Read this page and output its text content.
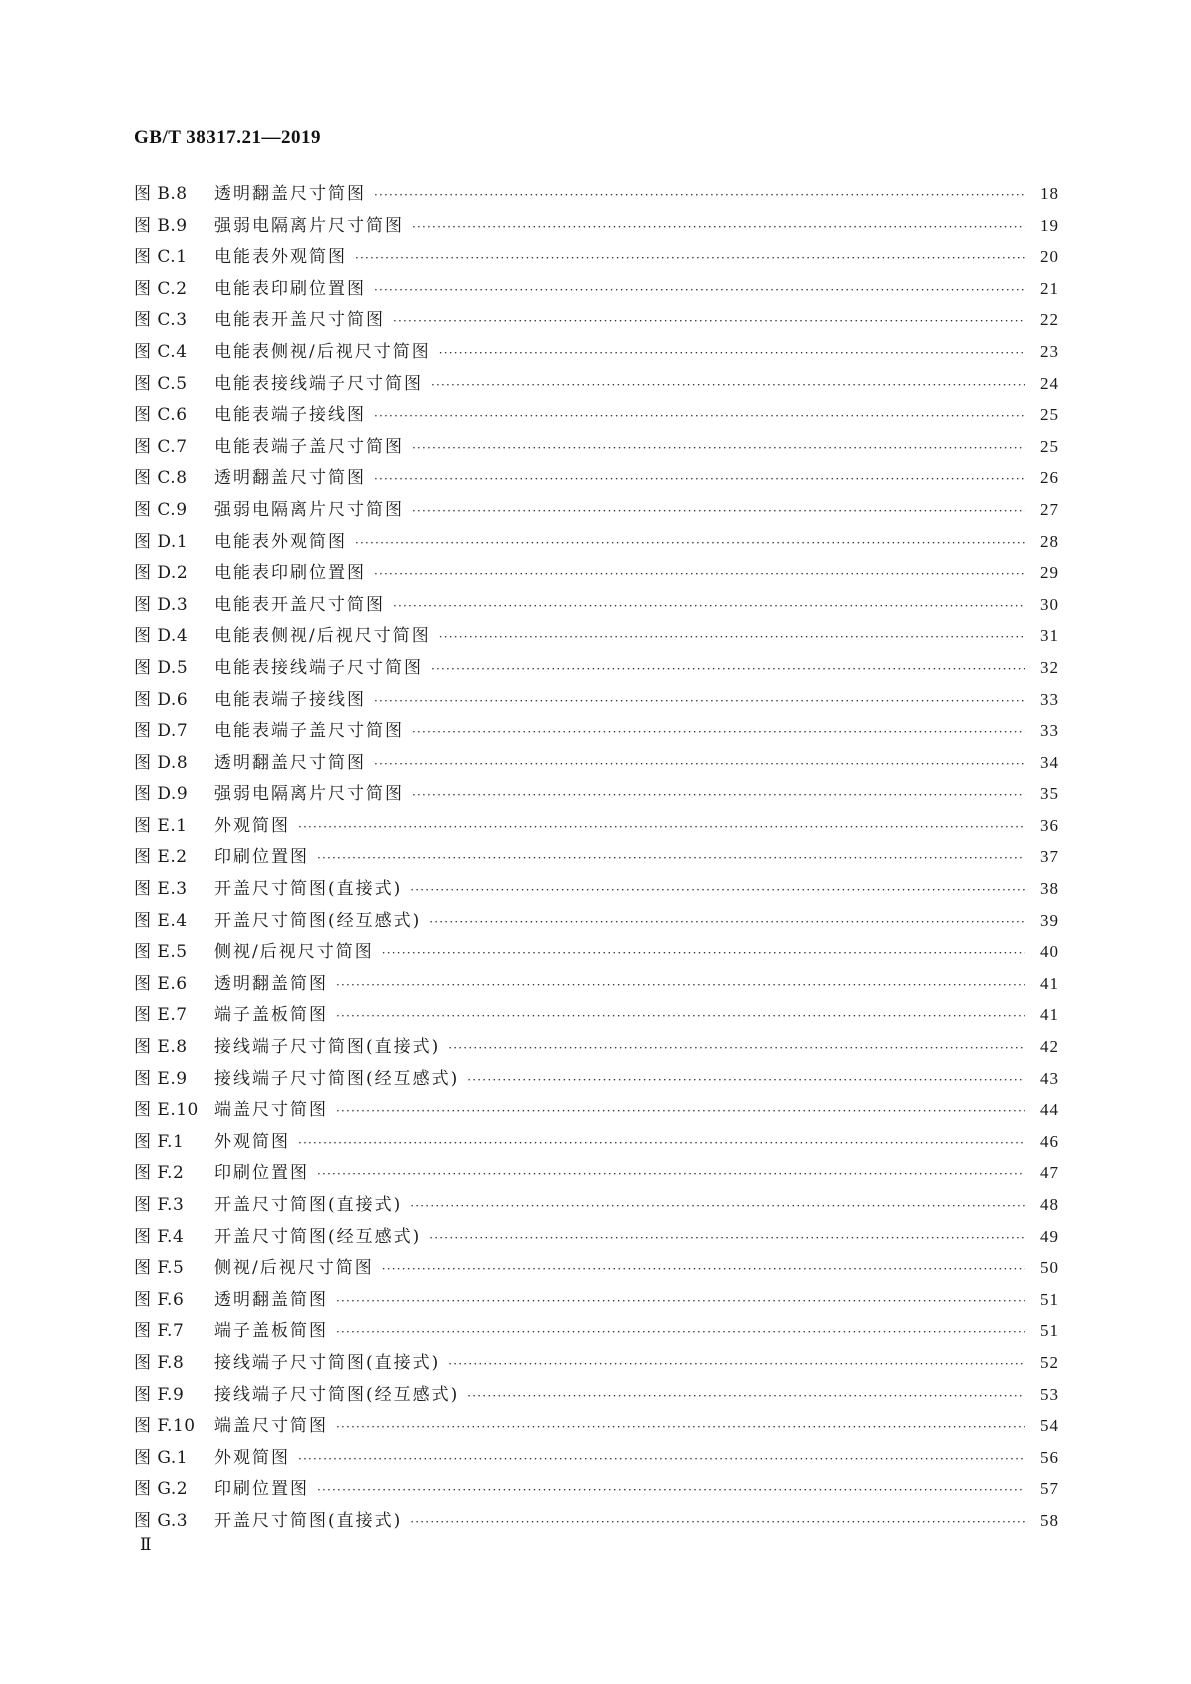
GB/T 38317.21—2019
图 B.8	透明翻盖尺寸简图 ·····	18
图 B.9	强弱电隔离片尺寸简图 ·····	19
图 C.1	电能表外观简图 ·····	20
图 C.2	电能表印刷位置图 ·····	21
图 C.3	电能表开盖尺寸简图 ·····	22
图 C.4	电能表侧视/后视尺寸简图 ·····	23
图 C.5	电能表接线端子尺寸简图 ·····	24
图 C.6	电能表端子接线图 ·····	25
图 C.7	电能表端子盖尺寸简图 ·····	25
图 C.8	透明翻盖尺寸简图 ·····	26
图 C.9	强弱电隔离片尺寸简图 ·····	27
图 D.1	电能表外观简图 ·····	28
图 D.2	电能表印刷位置图 ·····	29
图 D.3	电能表开盖尺寸简图 ·····	30
图 D.4	电能表侧视/后视尺寸简图 ·····	31
图 D.5	电能表接线端子尺寸简图 ·····	32
图 D.6	电能表端子接线图 ·····	33
图 D.7	电能表端子盖尺寸简图 ·····	33
图 D.8	透明翻盖尺寸简图 ·····	34
图 D.9	强弱电隔离片尺寸简图 ·····	35
图 E.1	外观简图 ·····	36
图 E.2	印刷位置图 ·····	37
图 E.3	开盖尺寸简图(直接式) ·····	38
图 E.4	开盖尺寸简图(经互感式) ·····	39
图 E.5	侧视/后视尺寸简图 ·····	40
图 E.6	透明翻盖简图 ·····	41
图 E.7	端子盖板简图 ·····	41
图 E.8	接线端子尺寸简图(直接式) ·····	42
图 E.9	接线端子尺寸简图(经互感式) ·····	43
图 E.10 端盖尺寸简图 ·····	44
图 F.1	外观简图 ·····	46
图 F.2	印刷位置图 ·····	47
图 F.3	开盖尺寸简图(直接式) ·····	48
图 F.4	开盖尺寸简图(经互感式) ·····	49
图 F.5	侧视/后视尺寸简图 ·····	50
图 F.6	透明翻盖简图 ·····	51
图 F.7	端子盖板简图 ·····	51
图 F.8	接线端子尺寸简图(直接式) ·····	52
图 F.9	接线端子尺寸简图(经互感式) ·····	53
图 F.10	端盖尺寸简图 ·····	54
图 G.1	外观简图 ·····	56
图 G.2	印刷位置图 ·····	57
图 G.3	开盖尺寸简图(直接式) ·····	58
Ⅱ
